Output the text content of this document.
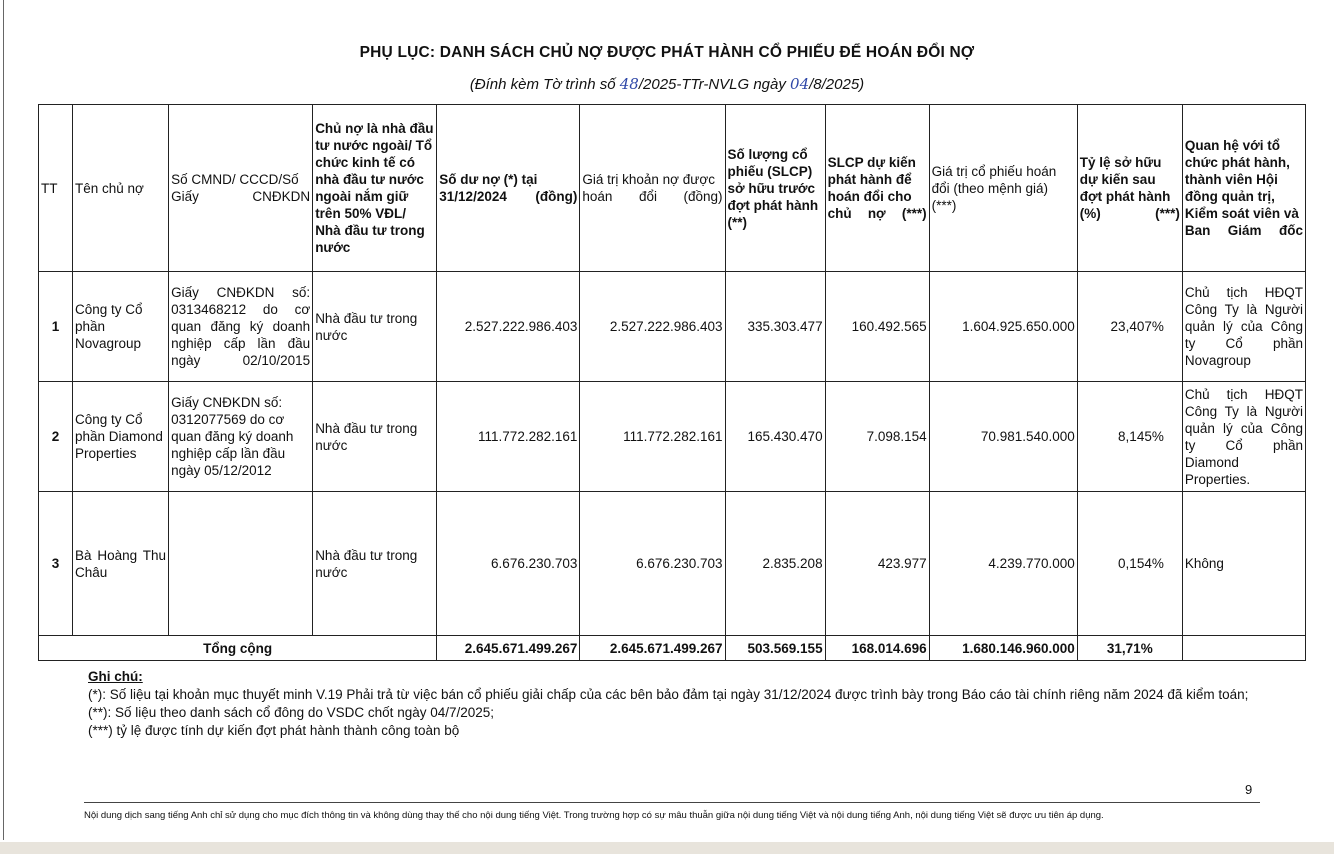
PHỤ LỤC: DANH SÁCH CHỦ NỢ ĐƯỢC PHÁT HÀNH CỔ PHIẾU ĐỂ HOÁN ĐỔI NỢ
(Đính kèm Tờ trình số 48/2025-TTr-NVLG ngày 04/8/2025)
TT	Tên chủ nợ	Số CMND/ CCCD/Số Giấy CNĐKDN	Chủ nợ là nhà đầu tư nước ngoài/ Tổ chức kinh tế có nhà đầu tư nước ngoài nắm giữ trên 50% VĐL/ Nhà đầu tư trong nước	Số dư nợ (*) tại 31/12/2024 (đồng)	Giá trị khoản nợ được hoán đổi (đồng)	Số lượng cổ phiếu (SLCP) sở hữu trước đợt phát hành (**)	SLCP dự kiến phát hành để hoán đổi cho chủ nợ (***)	Giá trị cổ phiếu hoán đổi (theo mệnh giá) (***)	Tỷ lệ sở hữu dự kiến sau đợt phát hành (%) (***)	Quan hệ với tổ chức phát hành, thành viên Hội đồng quản trị, Kiểm soát viên và Ban Giám đốc
1	Công ty Cổ phần Novagroup	Giấy CNĐKDN số: 0313468212 do cơ quan đăng ký doanh nghiệp cấp lần đầu ngày 02/10/2015	Nhà đầu tư trong nước	2.527.222.986.403	2.527.222.986.403	335.303.477	160.492.565	1.604.925.650.000	23,407%	Chủ tịch HĐQT Công Ty là Người quản lý của Công ty Cổ phần Novagroup
2	Công ty Cổ phần Diamond Properties	Giấy CNĐKDN số: 0312077569 do cơ quan đăng ký doanh nghiệp cấp lần đầu ngày 05/12/2012	Nhà đầu tư trong nước	111.772.282.161	111.772.282.161	165.430.470	7.098.154	70.981.540.000	8,145%	Chủ tịch HĐQT Công Ty là Người quản lý của Công ty Cổ phần Diamond Properties.
3	Bà Hoàng Thu Châu		Nhà đầu tư trong nước	6.676.230.703	6.676.230.703	2.835.208	423.977	4.239.770.000	0,154%	Không
Tổng cộng				2.645.671.499.267	2.645.671.499.267	503.569.155	168.014.696	1.680.146.960.000	31,71%	
Ghi chú:
(*): Số liệu tại khoản mục thuyết minh V.19 Phải trả từ việc bán cổ phiếu giải chấp của các bên bảo đảm tại ngày 31/12/2024 được trình bày trong Báo cáo tài chính riêng năm 2024 đã kiểm toán;
(**): Số liệu theo danh sách cổ đông do VSDC chốt ngày 04/7/2025;
(***) tỷ lệ được tính dự kiến đợt phát hành thành công toàn bộ
9
Nội dung dịch sang tiếng Anh chỉ sử dụng cho mục đích thông tin và không dùng thay thế cho nội dung tiếng Việt. Trong trường hợp có sự mâu thuẫn giữa nội dung tiếng Việt và nội dung tiếng Anh, nội dung tiếng Việt sẽ được ưu tiên áp dụng.
